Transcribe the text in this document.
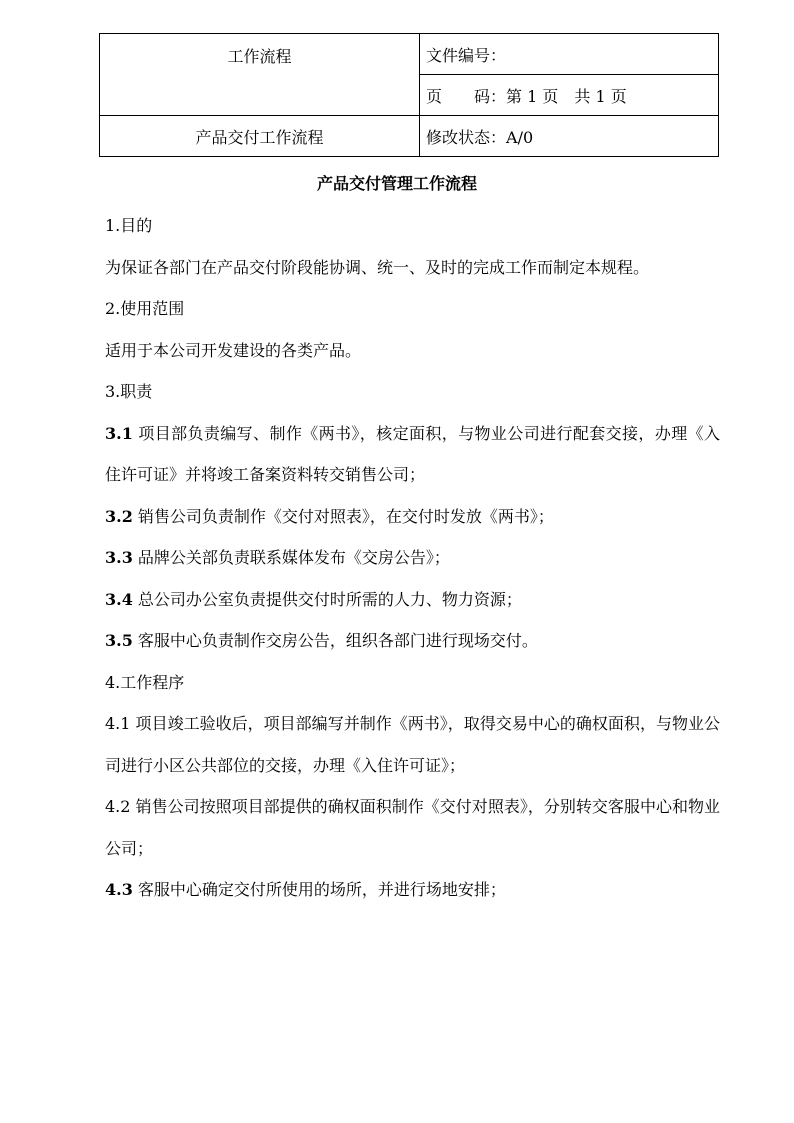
工作流程	文件编号：
	页　　码：第 1 页　共 1 页
产品交付工作流程	修改状态：A/0
产品交付管理工作流程

1.目的

为保证各部门在产品交付阶段能协调、统一、及时的完成工作而制定本规程。

2.使用范围

适用于本公司开发建设的各类产品。

3.职责

3.1 项目部负责编写、制作《两书》，核定面积，与物业公司进行配套交接，办理《入住许可证》并将竣工备案资料转交销售公司；

3.2 销售公司负责制作《交付对照表》，在交付时发放《两书》；

3.3 品牌公关部负责联系媒体发布《交房公告》；

3.4 总公司办公室负责提供交付时所需的人力、物力资源；

3.5 客服中心负责制作交房公告，组织各部门进行现场交付。

4.工作程序

4.1 项目竣工验收后，项目部编写并制作《两书》，取得交易中心的确权面积，与物业公司进行小区公共部位的交接，办理《入住许可证》；

4.2 销售公司按照项目部提供的确权面积制作《交付对照表》，分别转交客服中心和物业公司；

4.3 客服中心确定交付所使用的场所，并进行场地安排；
